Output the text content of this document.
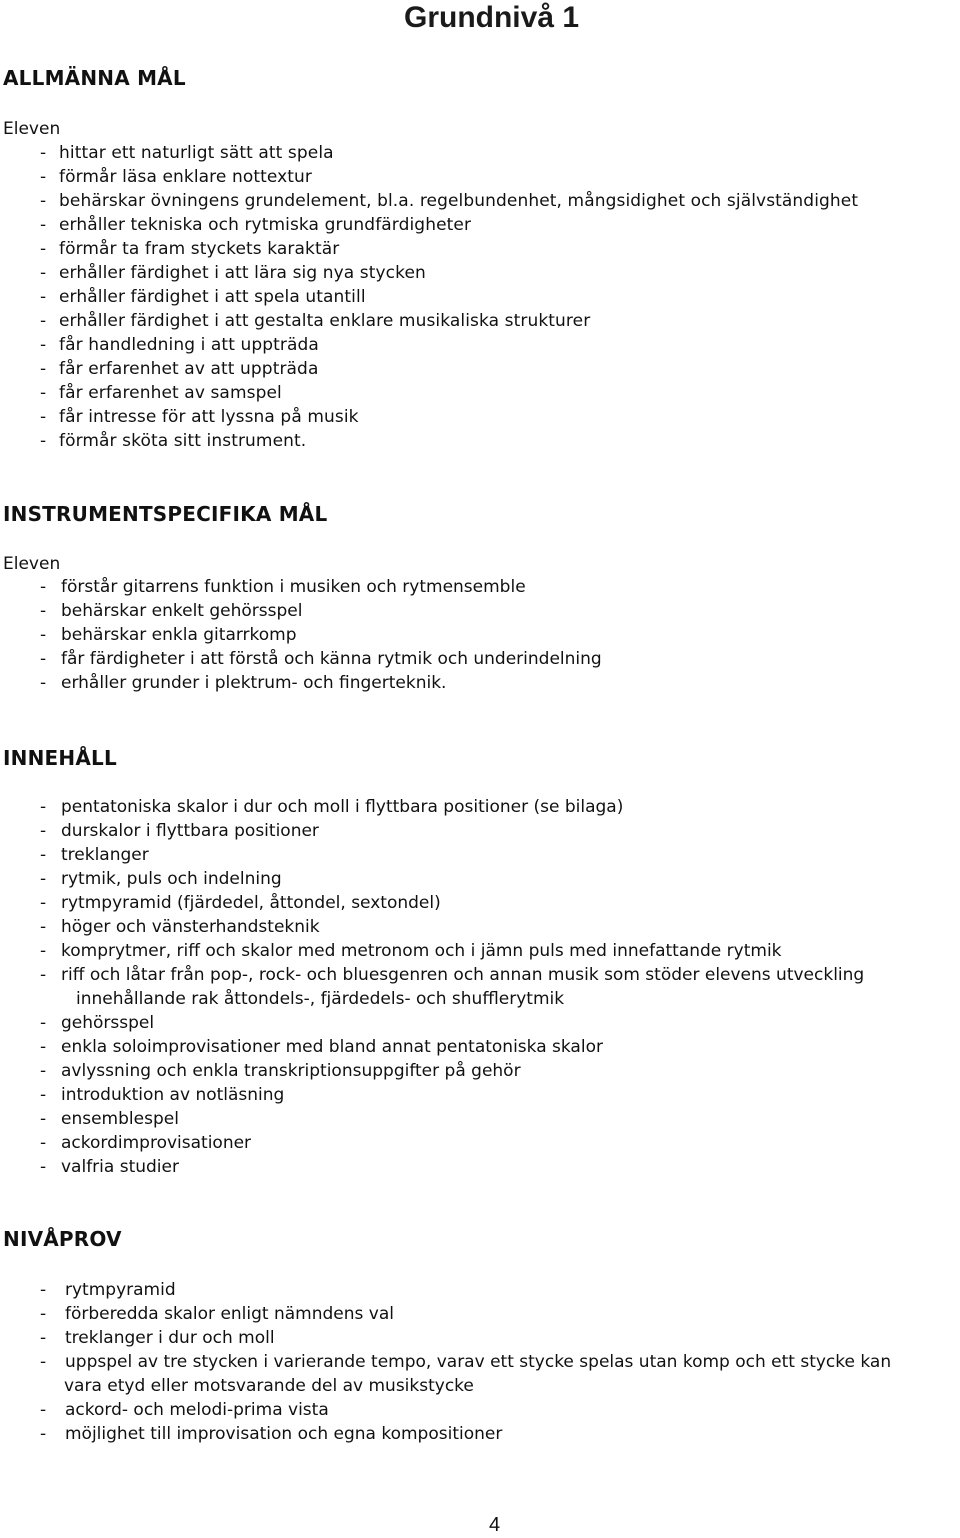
Grundnivå 1
ALLMÄNNA MÅL
Eleven
- hittar ett naturligt sätt att spela
- förmår läsa enklare nottextur
- behärskar övningens grundelement, bl.a. regelbundenhet, mångsidighet och självständighet
- erhåller tekniska och rytmiska grundfärdigheter
- förmår ta fram styckets karaktär
- erhåller färdighet i att lära sig nya stycken
- erhåller färdighet i att spela utantill
- erhåller färdighet i att gestalta enklare musikaliska strukturer
- får handledning i att uppträda
- får erfarenhet av att uppträda
- får erfarenhet av samspel
- får intresse för att lyssna på musik
- förmår sköta sitt instrument.
INSTRUMENTSPECIFIKA MÅL
Eleven
- förstår gitarrens funktion i musiken och rytmensemble
- behärskar enkelt gehörsspel
- behärskar enkla gitarrkomp
- får färdigheter i att förstå och känna rytmik och underindelning
- erhåller grunder i plektrum- och fingerteknik.
INNEHÅLL
- pentatoniska skalor i dur och moll i flyttbara positioner (se bilaga)
- durskalor i flyttbara positioner
- treklanger
- rytmik, puls och indelning
- rytmpyramid (fjärdedel, åttondel, sextondel)
- höger och vänsterhandsteknik
- komprytmer, riff och skalor med metronom och i jämn puls med innefattande rytmik
- riff och låtar från pop-, rock- och bluesgenren och annan musik som stöder elevens utveckling
innehållande rak åttondels-, fjärdedels- och shufflerytmik
- gehörsspel
- enkla soloimprovisationer med bland annat pentatoniska skalor
- avlyssning och enkla transkriptionsuppgifter på gehör
- introduktion av notläsning
- ensemblespel
- ackordimprovisationer
- valfria studier
NIVÅPROV
- rytmpyramid
- förberedda skalor enligt nämndens val
- treklanger i dur och moll
- uppspel av tre stycken i varierande tempo, varav ett stycke spelas utan komp och ett stycke kan
vara etyd eller motsvarande del av musikstycke
- ackord- och melodi-prima vista
- möjlighet till improvisation och egna kompositioner
4
